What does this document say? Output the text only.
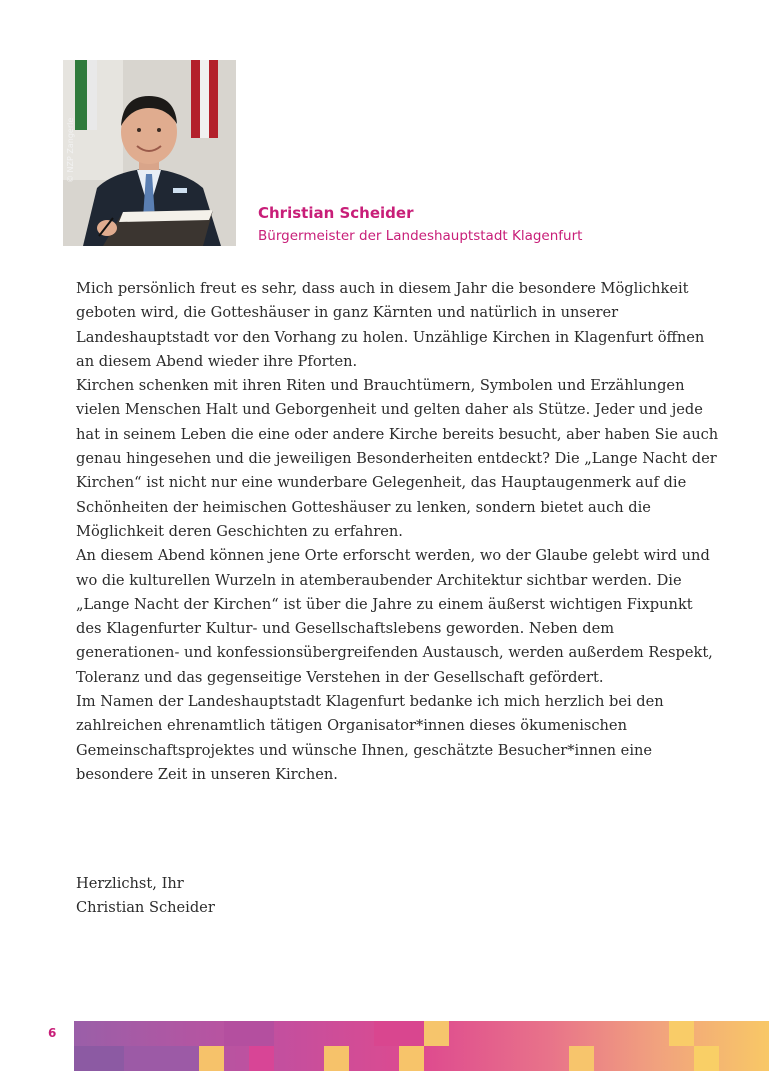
© NZP Zangerle
Christian Scheider
Bürgermeister der Landeshauptstadt Klagenfurt

Mich persönlich freut es sehr, dass auch in diesem Jahr die besondere Möglichkeit geboten wird, die Gotteshäuser in ganz Kärnten und natürlich in unserer Landeshauptstadt vor den Vorhang zu holen. Unzählige Kirchen in Klagenfurt öffnen an diesem Abend wieder ihre Pforten.

Kirchen schenken mit ihren Riten und Brauchtümern, Symbolen und Erzählungen vielen Menschen Halt und Geborgenheit und gelten daher als Stütze. Jeder und jede hat in seinem Leben die eine oder andere Kirche bereits besucht, aber haben Sie auch genau hingesehen und die jeweiligen Besonderheiten entdeckt? Die „Lange Nacht der Kirchen“ ist nicht nur eine wunderbare Gelegenheit, das Hauptaugenmerk auf die Schönheiten der heimischen Gotteshäuser zu lenken, sondern bietet auch die Möglichkeit deren Geschichten zu erfahren.

An diesem Abend können jene Orte erforscht werden, wo der Glaube gelebt wird und wo die kulturellen Wurzeln in atemberaubender Architektur sichtbar werden. Die „Lange Nacht der Kirchen“ ist über die Jahre zu einem äußerst wichtigen Fixpunkt des Klagenfurter Kultur- und Gesellschaftslebens geworden. Neben dem generationen- und konfessionsübergreifenden Austausch, werden außerdem Respekt, Toleranz und das gegenseitige Verstehen in der Gesellschaft gefördert.

Im Namen der Landeshauptstadt Klagenfurt bedanke ich mich herzlich bei den zahlreichen ehrenamtlich tätigen Organisator*innen dieses ökumenischen Gemeinschaftsprojektes und wünsche Ihnen, geschätzte Besucher*innen eine besondere Zeit in unseren Kirchen.

Herzlichst, Ihr
Christian Scheider
6
